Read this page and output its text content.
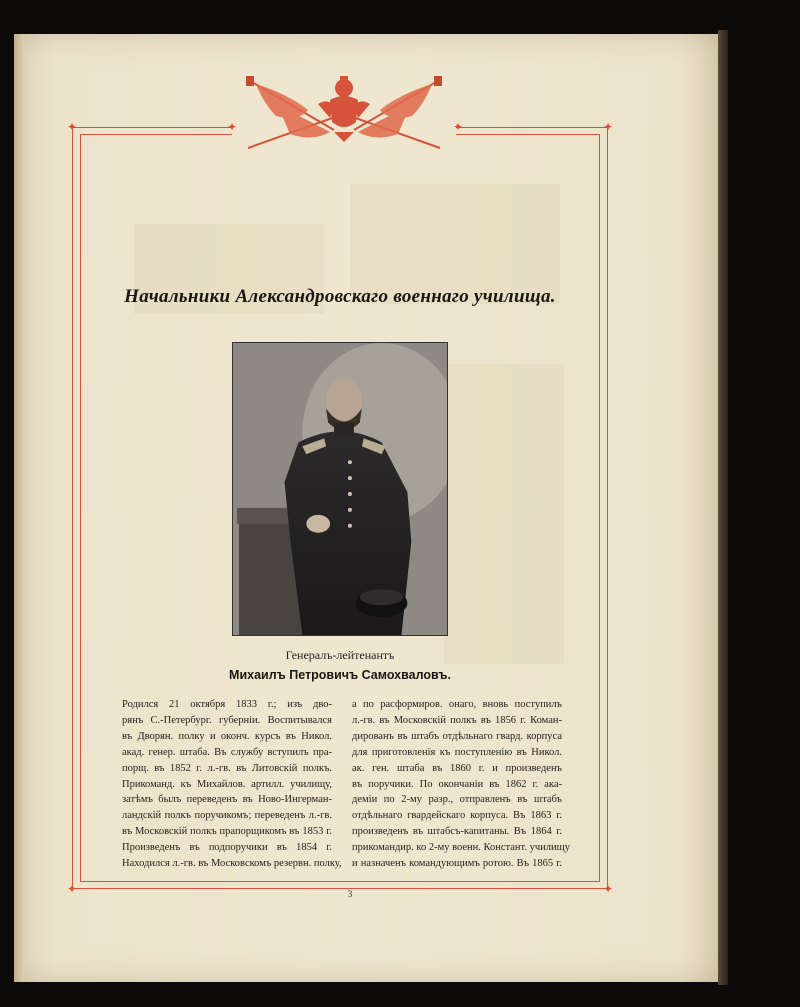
✦	✦
✦	✦
✦	✦
Начальники Александровскаго военнаго училища.
Генералъ-лейтенантъ
Михаилъ Петровичъ Самохваловъ.
Родился 21 октября 1833 г.; изъ дво-
рянъ С.-Петербург. губерніи. Воспитывался
въ Дворян. полку и оконч. курсъ въ Никол.
акад. генер. штаба. Въ службу вступилъ пра-
порщ. въ 1852 г. л.-гв. въ Литовскій полкъ.
Прикоманд. къ Михайлов. артилл. училищу,
затѣмъ былъ переведенъ въ Ново-Ингерман-
ландскій полкъ поручикомъ; переведенъ л.-гв.
въ Московскій полкъ прапорщикомъ въ 1853 г.
Произведенъ въ подпоручики въ 1854 г.
Находился л.-гв. въ Московскомъ резервн. полку,
а по расформиров. онаго, вновь поступилъ
л.-гв. въ Московскій полкъ въ 1856 г. Коман-
дированъ въ штабъ отдѣльнаго гвард. корпуса
для приготовленія къ поступленію въ Никол.
ак. ген. штаба въ 1860 г. и произведенъ
въ поручики. По окончаніи въ 1862 г. ака-
деміи по 2-му разр., отправленъ въ штабъ
отдѣльнаго гвардейскаго корпуса. Въ 1863 г.
произведенъ въ штабсъ-капитаны. Въ 1864 г.
прикомандир. ко 2-му военн. Констант. училищу
и назначенъ командующимъ ротою. Въ 1865 г.
3
